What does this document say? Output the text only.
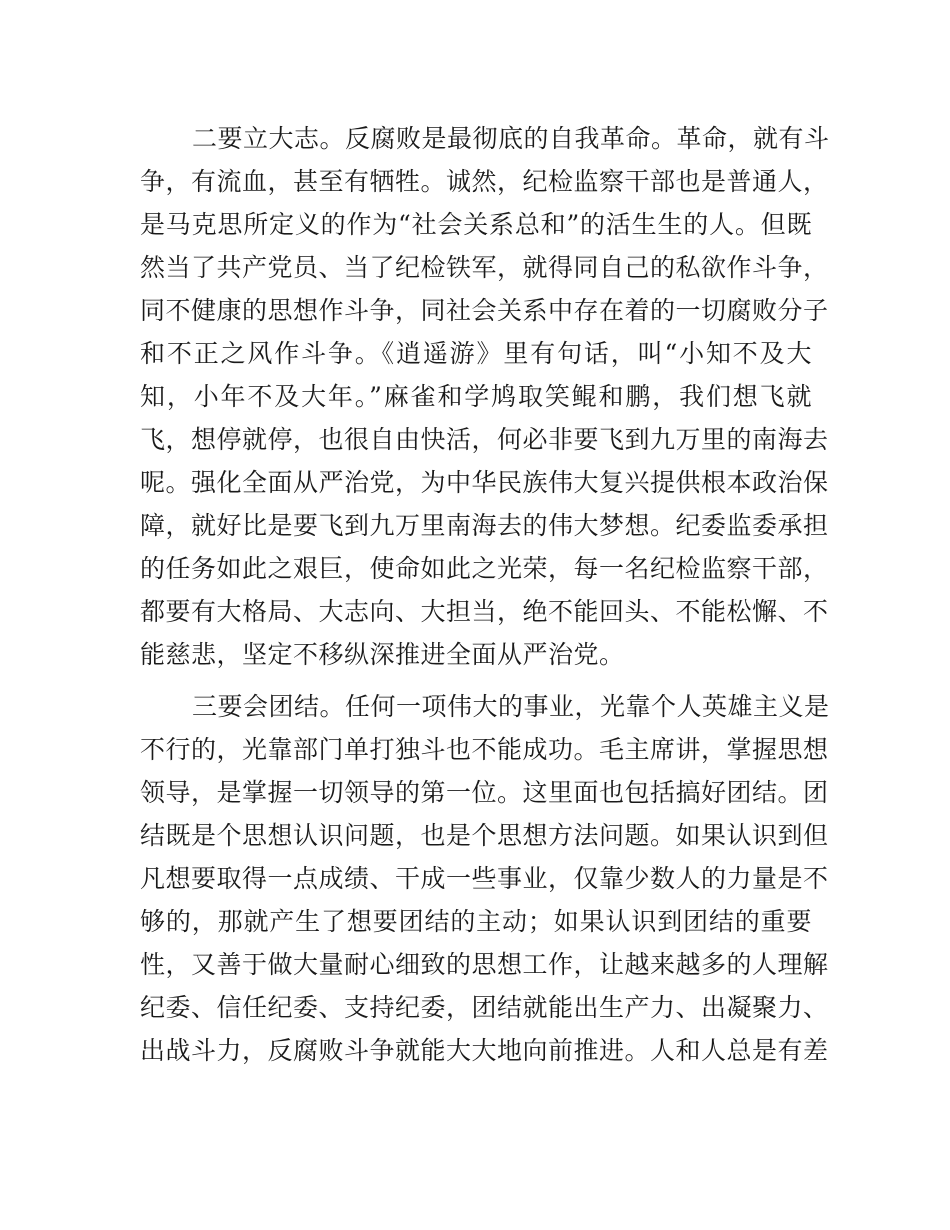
二要立大志。反腐败是最彻底的自我革命。革命，就有斗
争，有流血，甚至有牺牲。诚然，纪检监察干部也是普通人，
是马克思所定义的作为“社会关系总和”的活生生的人。但既
然当了共产党员、当了纪检铁军，就得同自己的私欲作斗争，
同不健康的思想作斗争，同社会关系中存在着的一切腐败分子
和不正之风作斗争。《逍遥游》里有句话，叫“小知不及大
知，小年不及大年。”麻雀和学鸠取笑鲲和鹏，我们想飞就
飞，想停就停，也很自由快活，何必非要飞到九万里的南海去
呢。强化全面从严治党，为中华民族伟大复兴提供根本政治保
障，就好比是要飞到九万里南海去的伟大梦想。纪委监委承担
的任务如此之艰巨，使命如此之光荣，每一名纪检监察干部，
都要有大格局、大志向、大担当，绝不能回头、不能松懈、不
能慈悲，坚定不移纵深推进全面从严治党。
三要会团结。任何一项伟大的事业，光靠个人英雄主义是
不行的，光靠部门单打独斗也不能成功。毛主席讲，掌握思想
领导，是掌握一切领导的第一位。这里面也包括搞好团结。团
结既是个思想认识问题，也是个思想方法问题。如果认识到但
凡想要取得一点成绩、干成一些事业，仅靠少数人的力量是不
够的，那就产生了想要团结的主动；如果认识到团结的重要
性，又善于做大量耐心细致的思想工作，让越来越多的人理解
纪委、信任纪委、支持纪委，团结就能出生产力、出凝聚力、
出战斗力，反腐败斗争就能大大地向前推进。人和人总是有差
